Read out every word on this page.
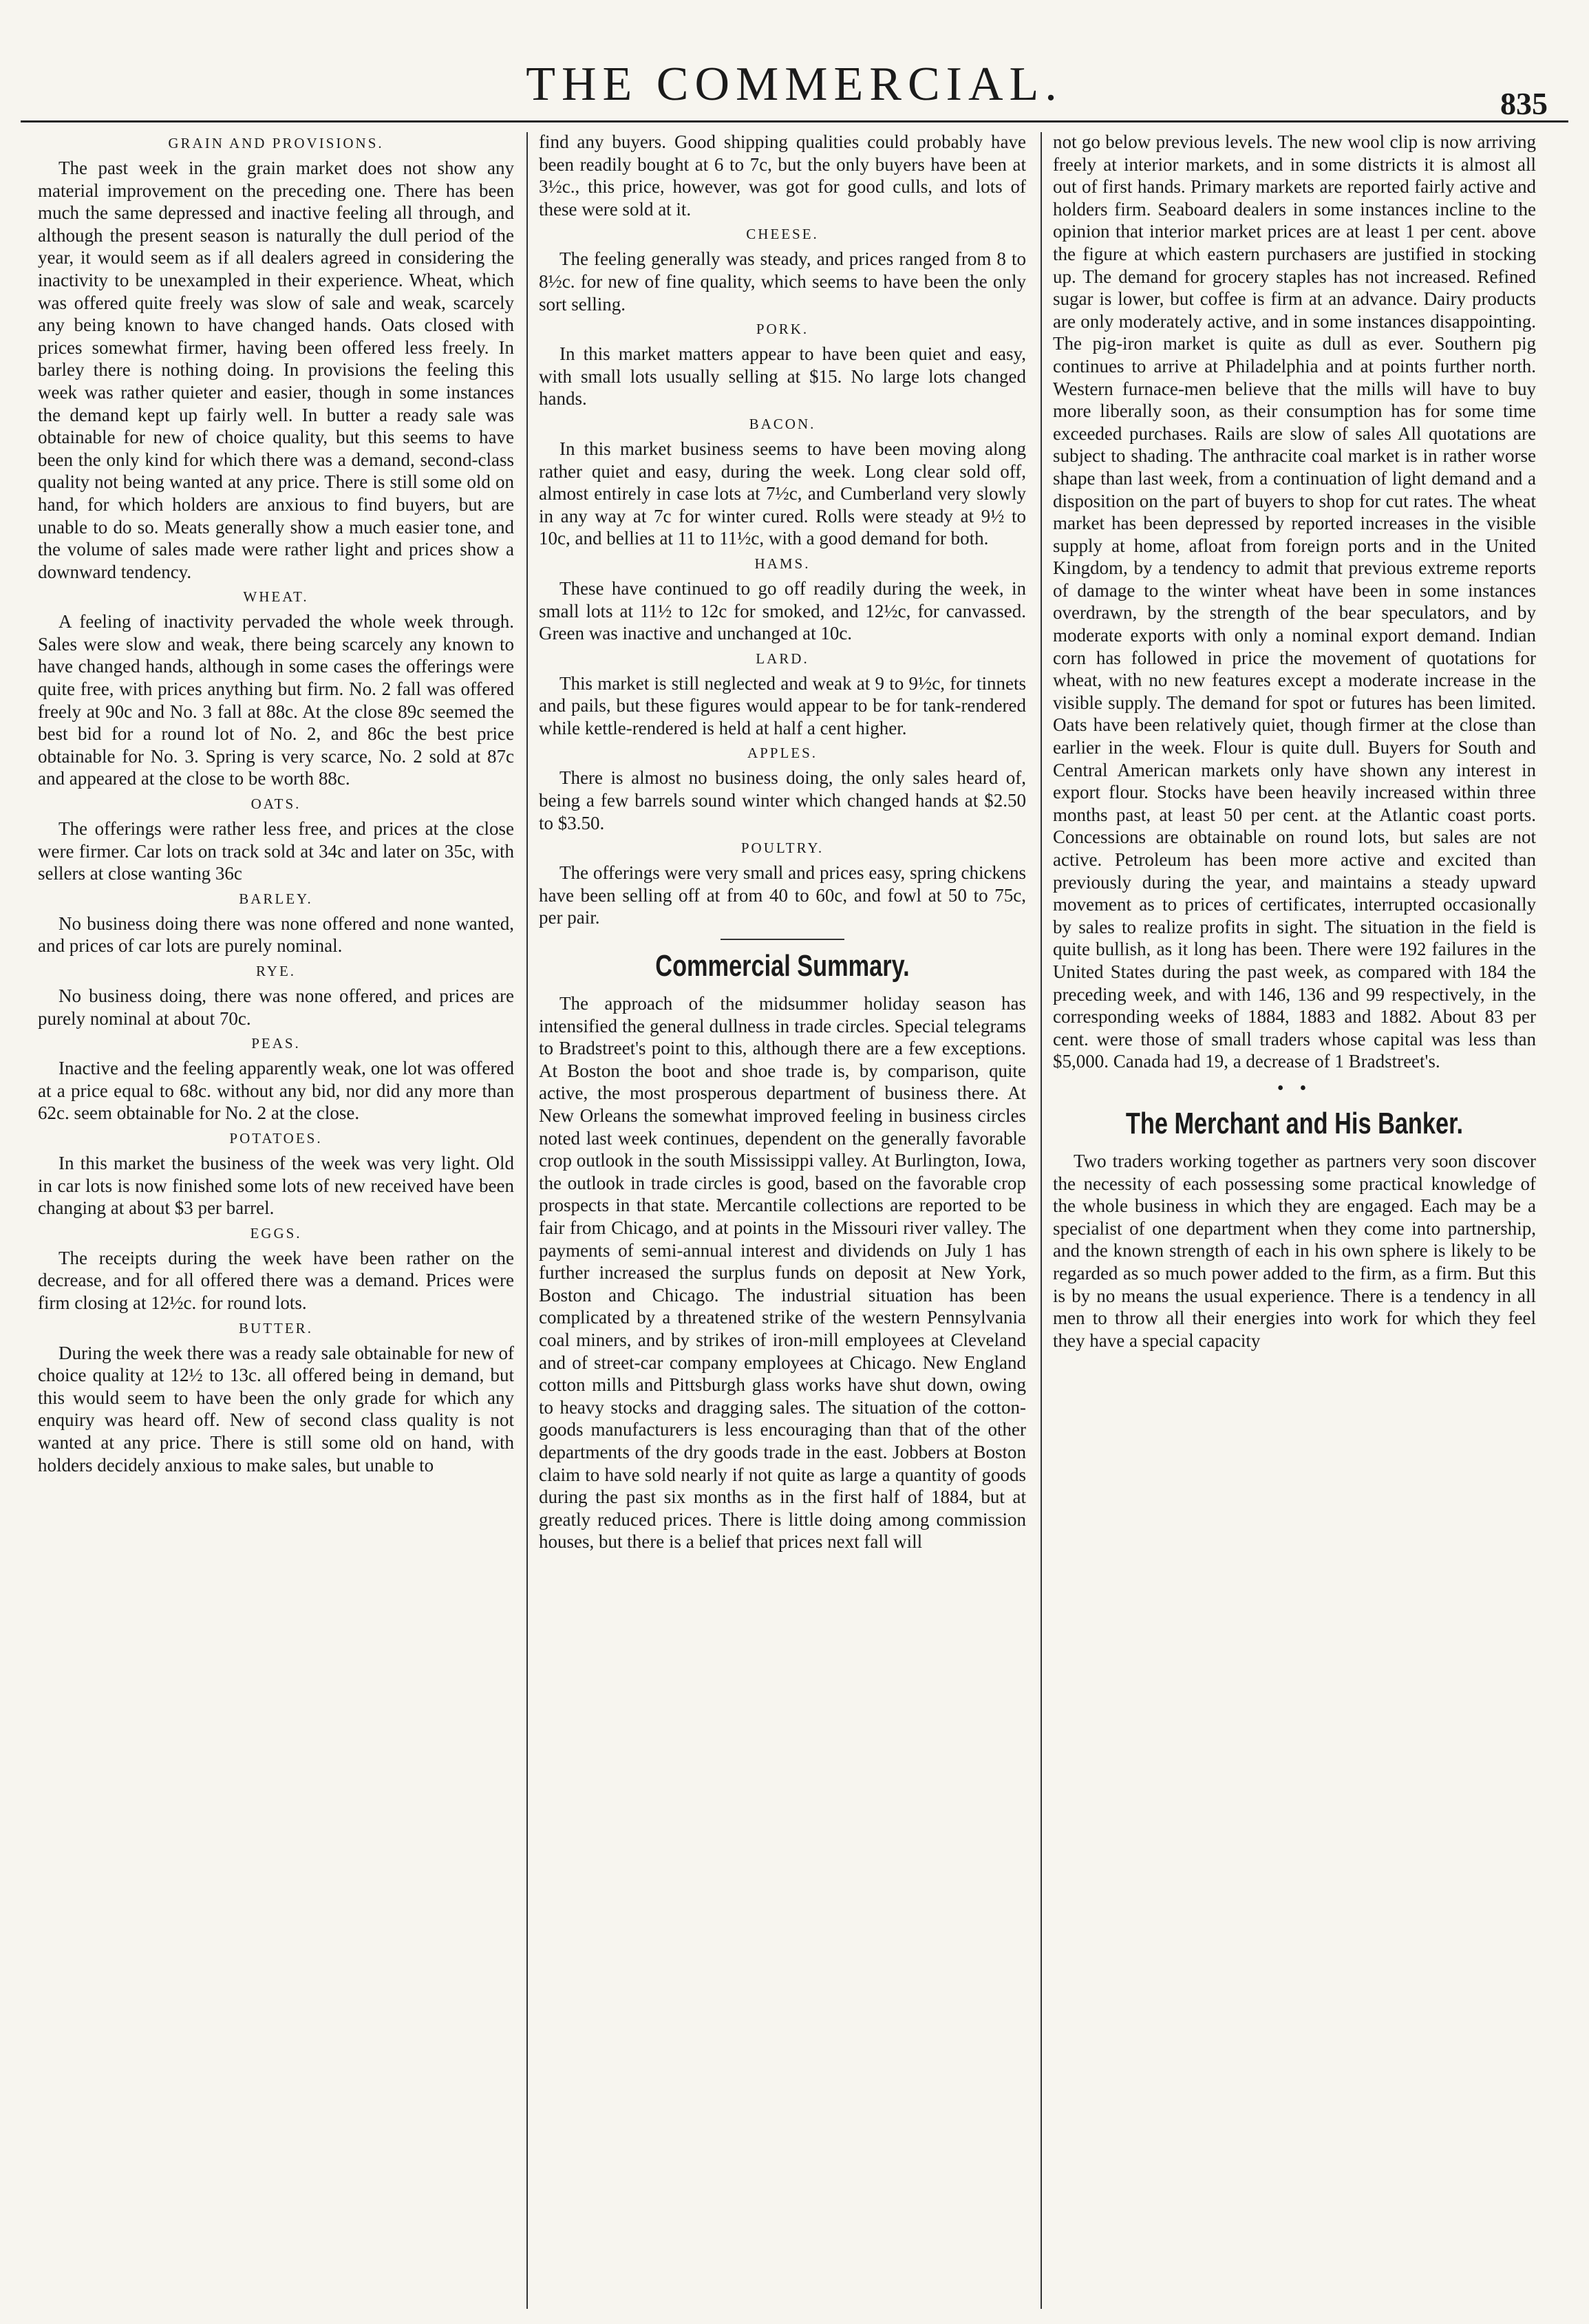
THE COMMERCIAL.	835
GRAIN AND PROVISIONS.

The past week in the grain market does not show any material improvement on the preceding one. There has been much the same depressed and inactive feeling all through, and although the present season is naturally the dull period of the year, it would seem as if all dealers agreed in considering the inactivity to be unexampled in their experience. Wheat, which was offered quite freely was slow of sale and weak, scarcely any being known to have changed hands. Oats closed with prices somewhat firmer, having been offered less freely. In barley there is nothing doing. In provisions the feeling this week was rather quieter and easier, though in some instances the demand kept up fairly well. In butter a ready sale was obtainable for new of choice quality, but this seems to have been the only kind for which there was a demand, second-class quality not being wanted at any price. There is still some old on hand, for which holders are anxious to find buyers, but are unable to do so. Meats generally show a much easier tone, and the volume of sales made were rather light and prices show a downward tendency.

WHEAT.

A feeling of inactivity pervaded the whole week through. Sales were slow and weak, there being scarcely any known to have changed hands, although in some cases the offerings were quite free, with prices anything but firm. No. 2 fall was offered freely at 90c and No. 3 fall at 88c. At the close 89c seemed the best bid for a round lot of No. 2, and 86c the best price obtainable for No. 3. Spring is very scarce, No. 2 sold at 87c and appeared at the close to be worth 88c.

OATS.

The offerings were rather less free, and prices at the close were firmer. Car lots on track sold at 34c and later on 35c, with sellers at close wanting 36c

BARLEY.

No business doing there was none offered and none wanted, and prices of car lots are purely nominal.

RYE.

No business doing, there was none offered, and prices are purely nominal at about 70c.

PEAS.

Inactive and the feeling apparently weak, one lot was offered at a price equal to 68c. without any bid, nor did any more than 62c. seem obtainable for No. 2 at the close.

POTATOES.

In this market the business of the week was very light. Old in car lots is now finished some lots of new received have been changing at about $3 per barrel.

EGGS.

The receipts during the week have been rather on the decrease, and for all offered there was a demand. Prices were firm closing at 12½c. for round lots.

BUTTER.

During the week there was a ready sale obtainable for new of choice quality at 12½ to 13c. all offered being in demand, but this would seem to have been the only grade for which any enquiry was heard off. New of second class quality is not wanted at any price. There is still some old on hand, with holders decidely anxious to make sales, but unable to

find any buyers. Good shipping qualities could probably have been readily bought at 6 to 7c, but the only buyers have been at 3½c., this price, however, was got for good culls, and lots of these were sold at it.

CHEESE.

The feeling generally was steady, and prices ranged from 8 to 8½c. for new of fine quality, which seems to have been the only sort selling.

PORK.

In this market matters appear to have been quiet and easy, with small lots usually selling at $15. No large lots changed hands.

BACON.

In this market business seems to have been moving along rather quiet and easy, during the week. Long clear sold off, almost entirely in case lots at 7½c, and Cumberland very slowly in any way at 7c for winter cured. Rolls were steady at 9½ to 10c, and bellies at 11 to 11½c, with a good demand for both.

HAMS.

These have continued to go off readily during the week, in small lots at 11½ to 12c for smoked, and 12½c, for canvassed. Green was inactive and unchanged at 10c.

LARD.

This market is still neglected and weak at 9 to 9½c, for tinnets and pails, but these figures would appear to be for tank-rendered while kettle-rendered is held at half a cent higher.

APPLES.

There is almost no business doing, the only sales heard of, being a few barrels sound winter which changed hands at $2.50 to $3.50.

POULTRY.

The offerings were very small and prices easy, spring chickens have been selling off at from 40 to 60c, and fowl at 50 to 75c, per pair.

Commercial Summary.

The approach of the midsummer holiday season has intensified the general dullness in trade circles. Special telegrams to Bradstreet's point to this, although there are a few exceptions. At Boston the boot and shoe trade is, by comparison, quite active, the most prosperous department of business there. At New Orleans the somewhat improved feeling in business circles noted last week continues, dependent on the generally favorable crop outlook in the south Mississippi valley. At Burlington, Iowa, the outlook in trade circles is good, based on the favorable crop prospects in that state. Mercantile collections are reported to be fair from Chicago, and at points in the Missouri river valley. The payments of semi-annual interest and dividends on July 1 has further increased the surplus funds on deposit at New York, Boston and Chicago. The industrial situation has been complicated by a threatened strike of the western Pennsylvania coal miners, and by strikes of iron-mill employees at Cleveland and of street-car company employees at Chicago. New England cotton mills and Pittsburgh glass works have shut down, owing to heavy stocks and dragging sales. The situation of the cotton-goods manufacturers is less encouraging than that of the other departments of the dry goods trade in the east. Jobbers at Boston claim to have sold nearly if not quite as large a quantity of goods during the past six months as in the first half of 1884, but at greatly reduced prices. There is little doing among commission houses, but there is a belief that prices next fall will

not go below previous levels. The new wool clip is now arriving freely at interior markets, and in some districts it is almost all out of first hands. Primary markets are reported fairly active and holders firm. Seaboard dealers in some instances incline to the opinion that interior market prices are at least 1 per cent. above the figure at which eastern purchasers are justified in stocking up. The demand for grocery staples has not increased. Refined sugar is lower, but coffee is firm at an advance. Dairy products are only moderately active, and in some instances disappointing. The pig-iron market is quite as dull as ever. Southern pig continues to arrive at Philadelphia and at points further north. Western furnace-men believe that the mills will have to buy more liberally soon, as their consumption has for some time exceeded purchases. Rails are slow of sales All quotations are subject to shading. The anthracite coal market is in rather worse shape than last week, from a continuation of light demand and a disposition on the part of buyers to shop for cut rates. The wheat market has been depressed by reported increases in the visible supply at home, afloat from foreign ports and in the United Kingdom, by a tendency to admit that previous extreme reports of damage to the winter wheat have been in some instances overdrawn, by the strength of the bear speculators, and by moderate exports with only a nominal export demand. Indian corn has followed in price the movement of quotations for wheat, with no new features except a moderate increase in the visible supply. The demand for spot or futures has been limited. Oats have been relatively quiet, though firmer at the close than earlier in the week. Flour is quite dull. Buyers for South and Central American markets only have shown any interest in export flour. Stocks have been heavily increased within three months past, at least 50 per cent. at the Atlantic coast ports. Concessions are obtainable on round lots, but sales are not active. Petroleum has been more active and excited than previously during the year, and maintains a steady upward movement as to prices of certificates, interrupted occasionally by sales to realize profits in sight. The situation in the field is quite bullish, as it long has been. There were 192 failures in the United States during the past week, as compared with 184 the preceding week, and with 146, 136 and 99 respectively, in the corresponding weeks of 1884, 1883 and 1882. About 83 per cent. were those of small traders whose capital was less than $5,000. Canada had 19, a decrease of 1 Bradstreet's.

• •
The Merchant and His Banker.

Two traders working together as partners very soon discover the necessity of each possessing some practical knowledge of the whole business in which they are engaged. Each may be a specialist of one department when they come into partnership, and the known strength of each in his own sphere is likely to be regarded as so much power added to the firm, as a firm. But this is by no means the usual experience. There is a tendency in all men to throw all their energies into work for which they feel they have a special capacity
